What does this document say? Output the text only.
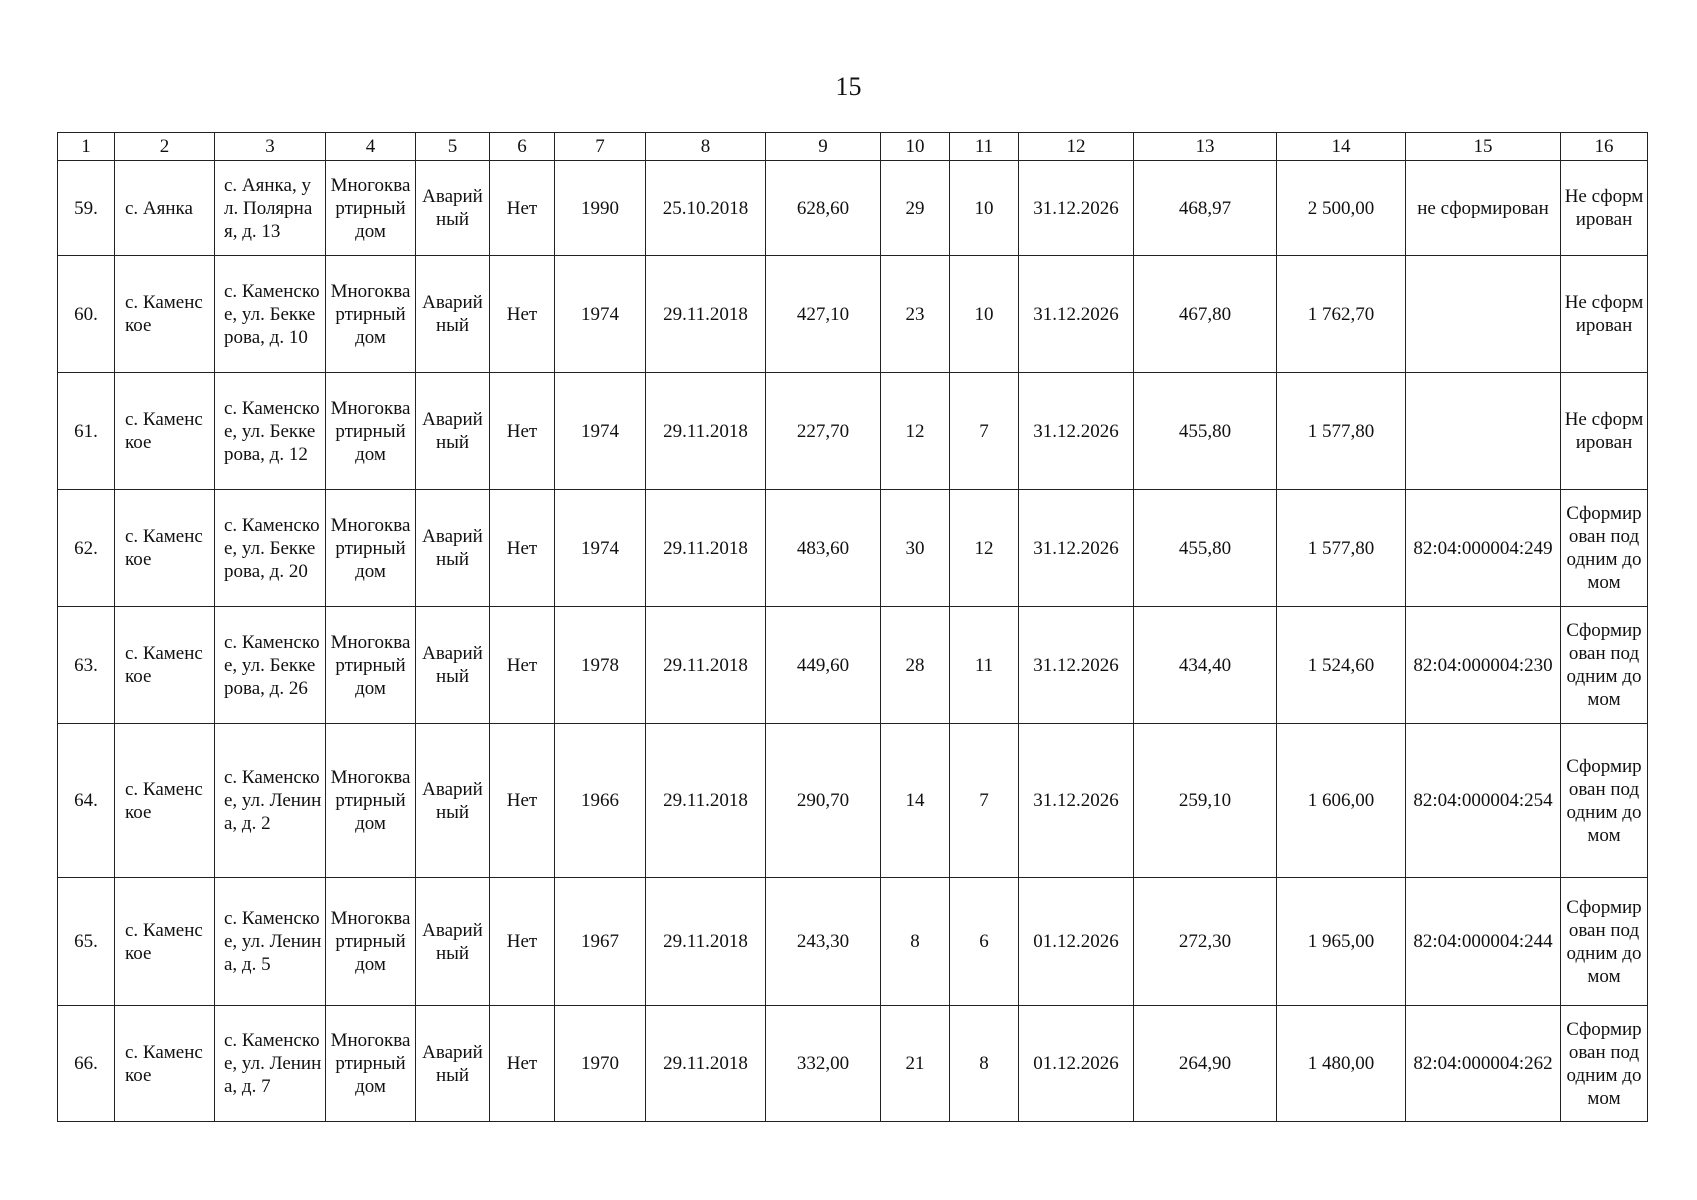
15
1	2	3	4	5	6	7	8	9	10	11	12	13	14	15	16
59.	с. Аянка	с. Аянка, ул. Полярная, д. 13	Многоквартирный дом	Аварийный	Нет	1990	25.10.2018	628,60	29	10	31.12.2026	468,97	2 500,00	не сформирован	Не сформирован
60.	с. Каменское	с. Каменское, ул. Беккерова, д. 10	Многоквартирный дом	Аварийный	Нет	1974	29.11.2018	427,10	23	10	31.12.2026	467,80	1 762,70		Не сформирован
61.	с. Каменское	с. Каменское, ул. Беккерова, д. 12	Многоквартирный дом	Аварийный	Нет	1974	29.11.2018	227,70	12	7	31.12.2026	455,80	1 577,80		Не сформирован
62.	с. Каменское	с. Каменское, ул. Беккерова, д. 20	Многоквартирный дом	Аварийный	Нет	1974	29.11.2018	483,60	30	12	31.12.2026	455,80	1 577,80	82:04:000004:249	Сформирован под одним домом
63.	с. Каменское	с. Каменское, ул. Беккерова, д. 26	Многоквартирный дом	Аварийный	Нет	1978	29.11.2018	449,60	28	11	31.12.2026	434,40	1 524,60	82:04:000004:230	Сформирован под одним домом
64.	с. Каменское	с. Каменское, ул. Ленина, д. 2	Многоквартирный дом	Аварийный	Нет	1966	29.11.2018	290,70	14	7	31.12.2026	259,10	1 606,00	82:04:000004:254	Сформирован под одним домом
65.	с. Каменское	с. Каменское, ул. Ленина, д. 5	Многоквартирный дом	Аварийный	Нет	1967	29.11.2018	243,30	8	6	01.12.2026	272,30	1 965,00	82:04:000004:244	Сформирован под одним домом
66.	с. Каменское	с. Каменское, ул. Ленина, д. 7	Многоквартирный дом	Аварийный	Нет	1970	29.11.2018	332,00	21	8	01.12.2026	264,90	1 480,00	82:04:000004:262	Сформирован под одним домом
